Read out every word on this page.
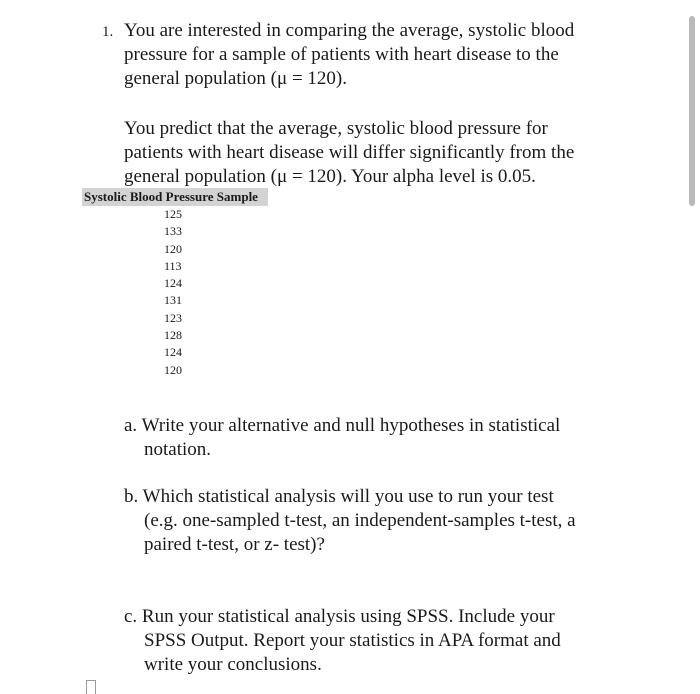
1. You are interested in comparing the average, systolic blood
pressure for a sample of patients with heart disease to the
general population (μ = 120).
You predict that the average, systolic blood pressure for
patients with heart disease will differ significantly from the
general population (μ = 120). Your alpha level is 0.05.
Systolic Blood Pressure Sample
125
133
120
113
124
131
123
128
124
120
a. Write your alternative and null hypotheses in statistical
notation.
b. Which statistical analysis will you use to run your test
(e.g. one-sampled t-test, an independent-samples t-test, a
paired t-test, or z- test)?
c. Run your statistical analysis using SPSS. Include your
SPSS Output. Report your statistics in APA format and
write your conclusions.
